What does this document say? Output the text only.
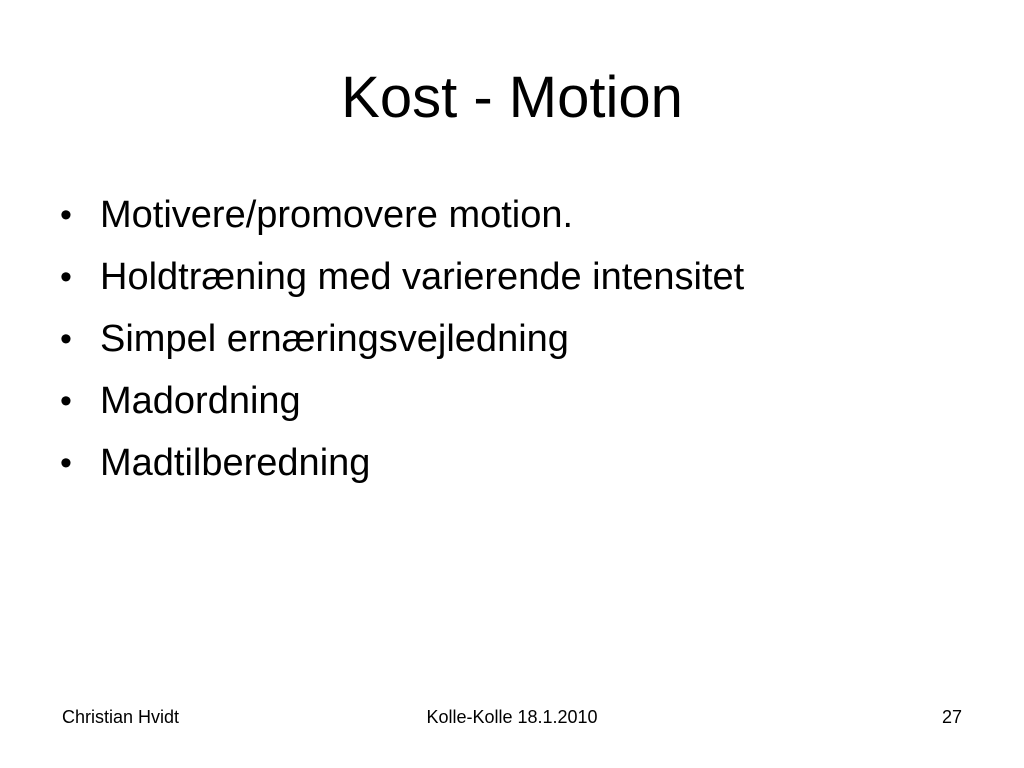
Kost - Motion
• Motivere/promovere motion.
• Holdtræning med varierende intensitet
• Simpel ernæringsvejledning
• Madordning
• Madtilberedning
Christian Hvidt	Kolle-Kolle 18.1.2010	27
